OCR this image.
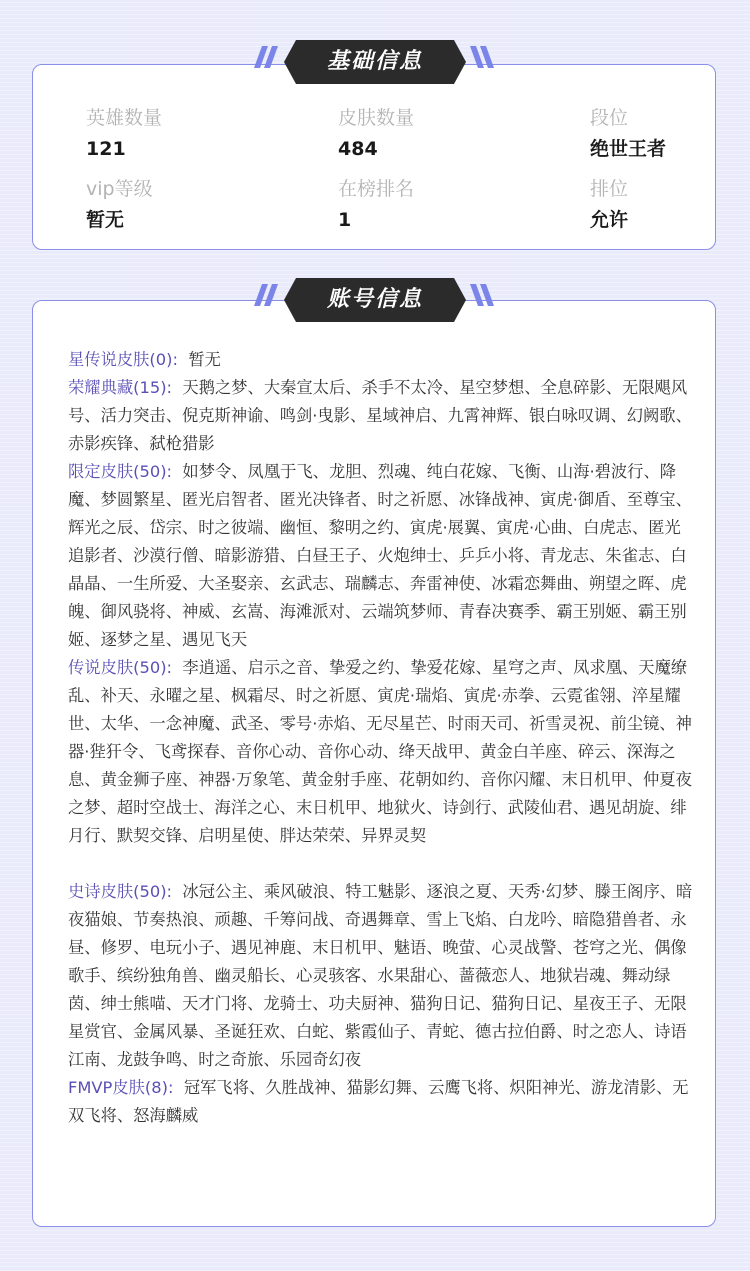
基础信息
英雄数量
121
皮肤数量
484
段位
绝世王者
vip等级
暂无
在榜排名
1
排位
允许
账号信息

星传说皮肤(0): 暂无

荣耀典藏(15): 天鹅之梦、大秦宣太后、杀手不太冷、星空梦想、全息碎影、无限飓风号、活力突击、倪克斯神谕、鸣剑·曳影、星域神启、九霄神辉、银白咏叹调、幻阙歌、赤影疾锋、弑枪猎影

限定皮肤(50): 如梦令、凤凰于飞、龙胆、烈魂、纯白花嫁、飞衡、山海·碧波行、降魔、梦圆繁星、匿光启智者、匿光决锋者、时之祈愿、冰锋战神、寅虎·御盾、至尊宝、辉光之辰、岱宗、时之彼端、幽恒、黎明之约、寅虎·展翼、寅虎·心曲、白虎志、匿光追影者、沙漠行僧、暗影游猎、白昼王子、火炮绅士、乒乒小将、青龙志、朱雀志、白晶晶、一生所爱、大圣娶亲、玄武志、瑞麟志、奔雷神使、冰霜恋舞曲、朔望之晖、虎魄、御风骁将、神威、玄嵩、海滩派对、云端筑梦师、青春决赛季、霸王别姬、霸王别姬、逐梦之星、遇见飞天

传说皮肤(50): 李逍遥、启示之音、挚爱之约、挚爱花嫁、星穹之声、凤求凰、天魔缭乱、补天、永曜之星、枫霜尽、时之祈愿、寅虎·瑞焰、寅虎·赤拳、云霓雀翎、淬星耀世、太华、一念神魔、武圣、零号·赤焰、无尽星芒、时雨天司、祈雪灵祝、前尘镜、神器·狴犴令、飞鸢探春、音你心动、音你心动、绛天战甲、黄金白羊座、碎云、深海之息、黄金狮子座、神器·万象笔、黄金射手座、花朝如约、音你闪耀、末日机甲、仲夏夜之梦、超时空战士、海洋之心、末日机甲、地狱火、诗剑行、武陵仙君、遇见胡旋、绯月行、默契交锋、启明星使、胖达荣荣、异界灵契

史诗皮肤(50): 冰冠公主、乘风破浪、特工魅影、逐浪之夏、天秀·幻梦、滕王阁序、暗夜猫娘、节奏热浪、顽趣、千筹问战、奇遇舞章、雪上飞焰、白龙吟、暗隐猎兽者、永昼、修罗、电玩小子、遇见神鹿、末日机甲、魅语、晚萤、心灵战警、苍穹之光、偶像歌手、缤纷独角兽、幽灵船长、心灵骇客、水果甜心、蔷薇恋人、地狱岩魂、舞动绿茵、绅士熊喵、天才门将、龙骑士、功夫厨神、猫狗日记、猫狗日记、星夜王子、无限星赏官、金属风暴、圣诞狂欢、白蛇、紫霞仙子、青蛇、德古拉伯爵、时之恋人、诗语江南、龙鼓争鸣、时之奇旅、乐园奇幻夜

FMVP皮肤(8): 冠军飞将、久胜战神、猫影幻舞、云鹰飞将、炽阳神光、游龙清影、无双飞将、怒海麟威
